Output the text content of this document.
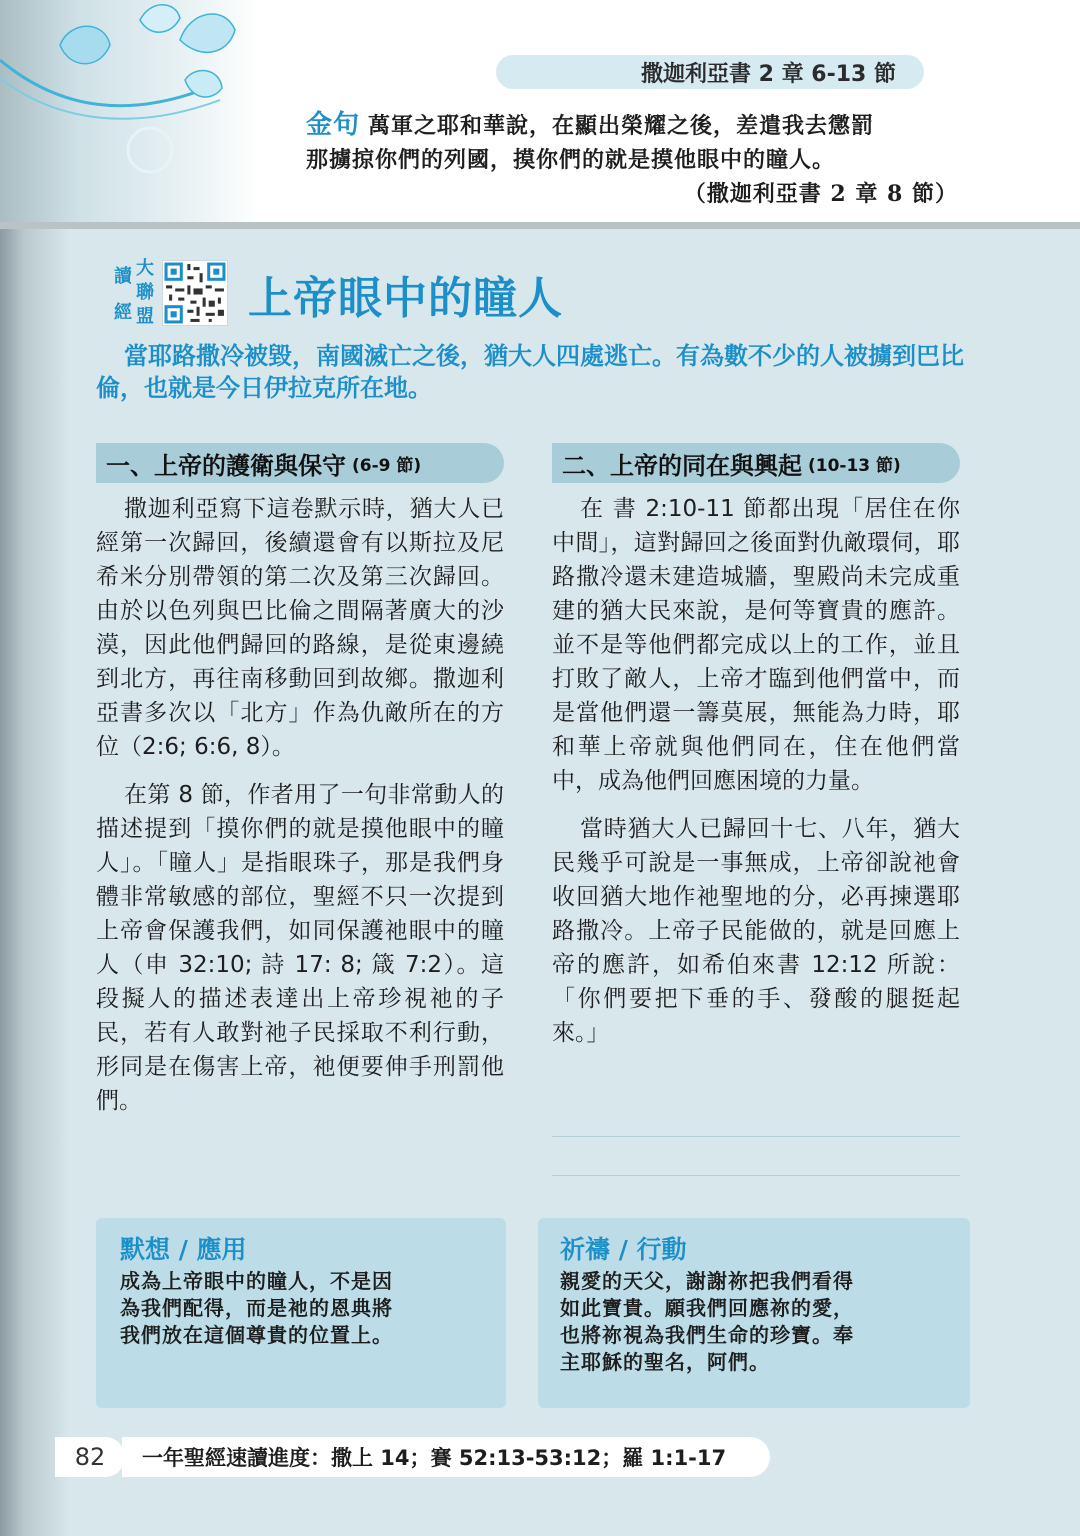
撒迦利亞書 2 章 6-13 節
金句 萬軍之耶和華說，在顯出榮耀之後，差遣我去懲罰
那擄掠你們的列國，摸你們的就是摸他眼中的瞳人。
（撒迦利亞書 2 章 8 節）
讀
經
大
聯
盟 上帝眼中的瞳人
當耶路撒冷被毀，南國滅亡之後，猶大人四處逃亡。有為數不少的人被擄到巴比倫，也就是今日伊拉克所在地。
一、上帝的護衛與保守 (6-9 節)	二、上帝的同在與興起 (10-13 節)

撒迦利亞寫下這卷默示時，猶大人已經第一次歸回，後續還會有以斯拉及尼希米分別帶領的第二次及第三次歸回。由於以色列與巴比倫之間隔著廣大的沙漠，因此他們歸回的路線，是從東邊繞到北方，再往南移動回到故鄉。撒迦利亞書多次以「北方」作為仇敵所在的方位（2:6; 6:6, 8）。

在第 8 節，作者用了一句非常動人的描述提到「摸你們的就是摸他眼中的瞳人」。「瞳人」是指眼珠子，那是我們身體非常敏感的部位，聖經不只一次提到上帝會保護我們，如同保護祂眼中的瞳人（申 32:10; 詩 17: 8; 箴 7:2）。這段擬人的描述表達出上帝珍視祂的子民，若有人敢對祂子民採取不利行動，形同是在傷害上帝，祂便要伸手刑罰他們。

在 書 2:10-11 節都出現「居住在你中間」，這對歸回之後面對仇敵環伺，耶路撒冷還未建造城牆，聖殿尚未完成重建的猶大民來說，是何等寶貴的應許。並不是等他們都完成以上的工作，並且打敗了敵人，上帝才臨到他們當中，而是當他們還一籌莫展，無能為力時，耶和華上帝就與他們同在，住在他們當中，成為他們回應困境的力量。

當時猶大人已歸回十七、八年，猶大民幾乎可說是一事無成，上帝卻說祂會收回猶大地作祂聖地的分，必再揀選耶路撒冷。上帝子民能做的，就是回應上帝的應許，如希伯來書 12:12 所說：「你們要把下垂的手、發酸的腿挺起來。」

默想 / 應用
成為上帝眼中的瞳人，不是因
為我們配得，而是祂的恩典將
我們放在這個尊貴的位置上。
祈禱 / 行動
親愛的天父，謝謝祢把我們看得
如此寶貴。願我們回應祢的愛，
也將祢視為我們生命的珍寶。奉
主耶穌的聖名，阿們。
一年聖經速讀進度：撒上 14；賽 52:13-53:12；羅 1:1-17
82
